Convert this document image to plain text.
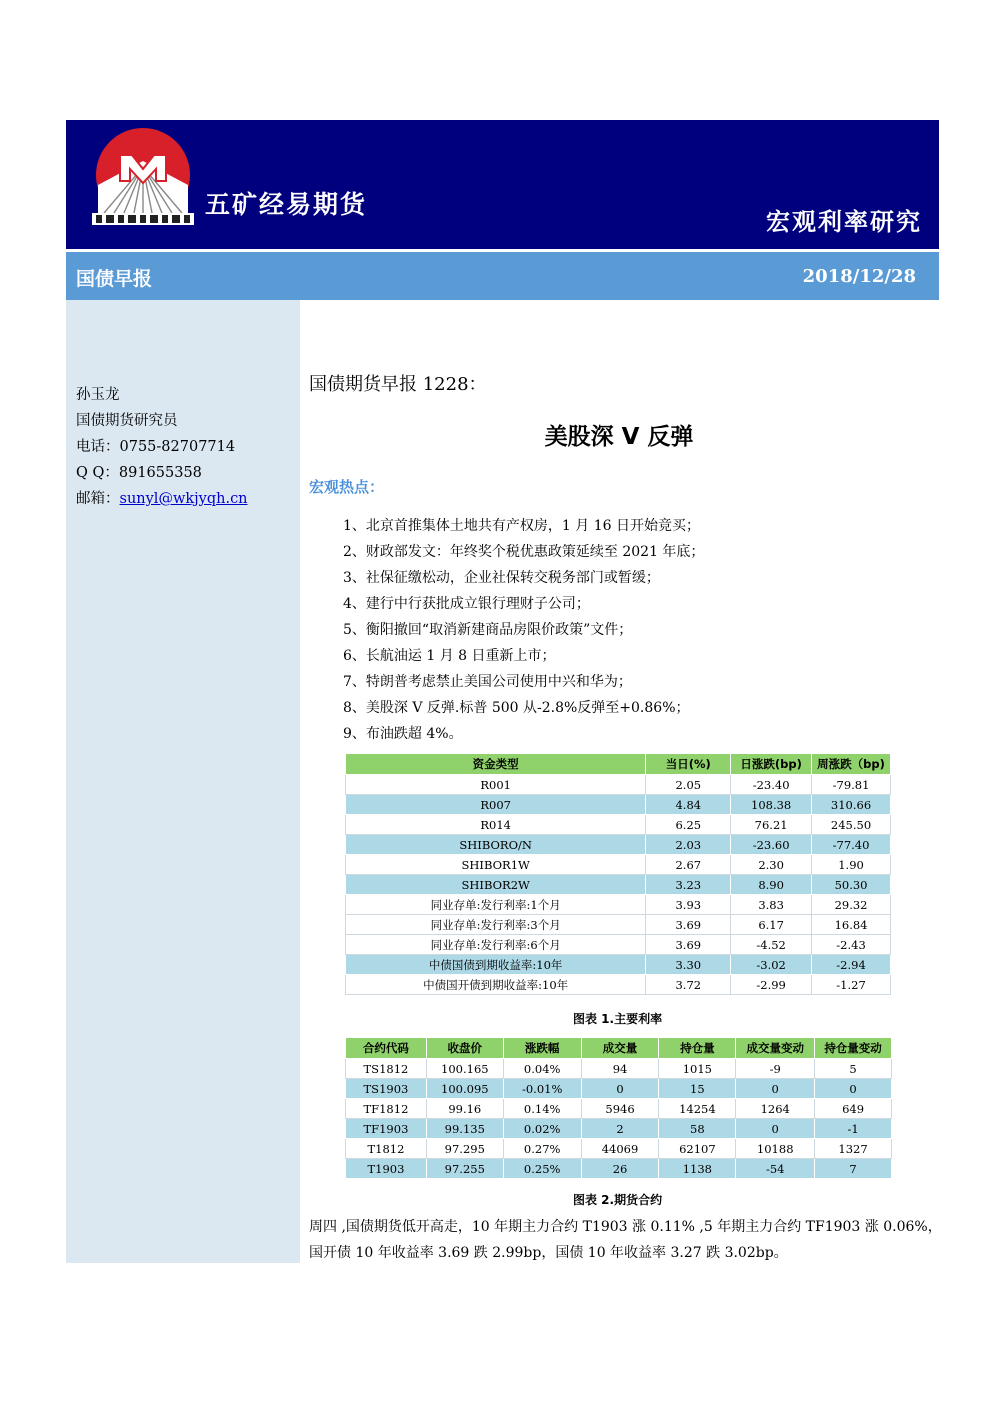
五矿经易期货
宏观利率研究
国债早报	2018/12/28
孙玉龙
国债期货研究员
电话：0755-82707714
Q Q：891655358
邮箱：sunyl@wkjyqh.cn
国债期货早报 1228：
美股深 V 反弹
宏观热点：
1、北京首推集体土地共有产权房，1 月 16 日开始竞买；
2、财政部发文：年终奖个税优惠政策延续至 2021 年底；
3、社保征缴松动，企业社保转交税务部门或暂缓；
4、建行中行获批成立银行理财子公司；
5、衡阳撤回“取消新建商品房限价政策”文件；
6、长航油运 1 月 8 日重新上市；
7、特朗普考虑禁止美国公司使用中兴和华为；
8、美股深 V 反弹.标普 500 从-2.8%反弹至+0.86%；
9、布油跌超 4%。
资金类型	当日(%)	日涨跌(bp)	周涨跌（bp)
R001	2.05	-23.40	-79.81
R007	4.84	108.38	310.66
R014	6.25	76.21	245.50
SHIBORO/N	2.03	-23.60	-77.40
SHIBOR1W	2.67	2.30	1.90
SHIBOR2W	3.23	8.90	50.30
同业存单:发行利率:1个月	3.93	3.83	29.32
同业存单:发行利率:3个月	3.69	6.17	16.84
同业存单:发行利率:6个月	3.69	-4.52	-2.43
中债国债到期收益率:10年	3.30	-3.02	-2.94
中债国开债到期收益率:10年	3.72	-2.99	-1.27
图表 1.主要利率
合约代码	收盘价	涨跌幅	成交量	持仓量	成交量变动	持仓量变动
TS1812	100.165	0.04%	94	1015	-9	5
TS1903	100.095	-0.01%	0	15	0	0
TF1812	99.16	0.14%	5946	14254	1264	649
TF1903	99.135	0.02%	2	58	0	-1
T1812	97.295	0.27%	44069	62107	10188	1327
T1903	97.255	0.25%	26	1138	-54	7
图表 2.期货合约
周四 ,国债期货低开高走，10 年期主力合约 T1903 涨 0.11% ,5 年期主力合约 TF1903 涨 0.06%，国开债 10 年收益率 3.69 跌 2.99bp，国债 10 年收益率 3.27 跌 3.02bp。
